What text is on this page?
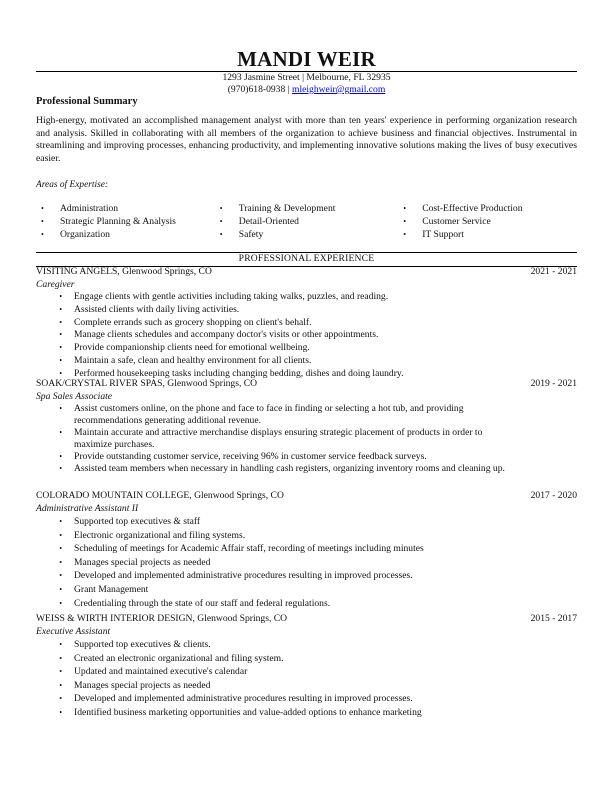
MANDI WEIR
1293 Jasmine Street | Melbourne, FL 32935
(970)618-0938 | mleighweir@gmail.com
Professional Summary
High-energy, motivated an accomplished management analyst with more than ten years' experience in performing organization research and analysis. Skilled in collaborating with all members of the organization to achieve business and financial objectives. Instrumental in streamlining and improving processes, enhancing productivity, and implementing innovative solutions making the lives of busy executives easier.
Areas of Expertise:
•	Administration
•	Strategic Planning & Analysis
•	Organization
•	Training & Development
•	Detail-Oriented
•	Safety
•	Cost-Effective Production
•	Customer Service
•	IT Support
PROFESSIONAL EXPERIENCE
VISITING ANGELS, Glenwood Springs, CO	2021 - 2021
Caregiver
•	Engage clients with gentle activities including taking walks, puzzles, and reading.
•	Assisted clients with daily living activities.
•	Complete errands such as grocery shopping on client's behalf.
•	Manage clients schedules and accompany doctor's visits or other appointments.
•	Provide companionship clients need for emotional wellbeing.
•	Maintain a safe, clean and healthy environment for all clients.
•	Performed housekeeping tasks including changing bedding, dishes and doing laundry.
SOAK/CRYSTAL RIVER SPAS, Glenwood Springs, CO	2019 - 2021
Spa Sales Associate
•	Assist customers online, on the phone and face to face in finding or selecting a hot tub, and providing recommendations generating additional revenue.
•	Maintain accurate and attractive merchandise displays ensuring strategic placement of products in order to maximize purchases.
•	Provide outstanding customer service, receiving 96% in customer service feedback surveys.
•	Assisted team members when necessary in handling cash registers, organizing inventory rooms and cleaning up.
COLORADO MOUNTAIN COLLEGE, Glenwood Springs, CO	2017 - 2020
Administrative Assistant II
•	Supported top executives & staff
•	Electronic organizational and filing systems.
•	Scheduling of meetings for Academic Affair staff, recording of meetings including minutes
•	Manages special projects as needed
•	Developed and implemented administrative procedures resulting in improved processes.
•	Grant Management
•	Credentialing through the state of our staff and federal regulations.
WEISS & WIRTH INTERIOR DESIGN, Glenwood Springs, CO	2015 - 2017
Executive Assistant
•	Supported top executives & clients.
•	Created an electronic organizational and filing system.
•	Updated and maintained executive's calendar
•	Manages special projects as needed
•	Developed and implemented administrative procedures resulting in improved processes.
•	Identified business marketing opportunities and value-added options to enhance marketing
